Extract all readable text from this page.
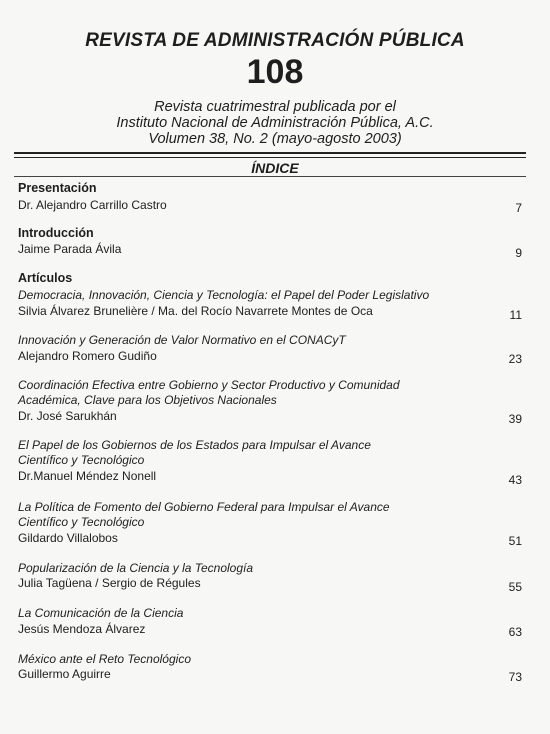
REVISTA DE ADMINISTRACIÓN PÚBLICA
108
Revista cuatrimestral publicada por el
Instituto Nacional de Administración Pública, A.C.
Volumen 38, No. 2 (mayo-agosto 2003)
ÍNDICE
Presentación
Dr. Alejandro Carrillo Castro	7
Introducción
Jaime Parada Ávila	9
Artículos
Democracia, Innovación, Ciencia y Tecnología: el Papel del Poder Legislativo
Silvia Álvarez Brunelière / Ma. del Rocío Navarrete Montes de Oca	11
Innovación y Generación de Valor Normativo en el CONACyT
Alejandro Romero Gudiño	23
Coordinación Efectiva entre Gobierno y Sector Productivo y Comunidad
Académica, Clave para los Objetivos Nacionales
Dr. José Sarukhán	39
El Papel de los Gobiernos de los Estados para Impulsar el Avance
Científico y Tecnológico
Dr.Manuel Méndez Nonell	43
La Política de Fomento del Gobierno Federal para Impulsar el Avance
Científico y Tecnológico
Gildardo Villalobos	51
Popularización de la Ciencia y la Tecnología
Julia Tagüena / Sergio de Régules	55
La Comunicación de la Ciencia
Jesús Mendoza Álvarez	63
México ante el Reto Tecnológico
Guillermo Aguirre	73
